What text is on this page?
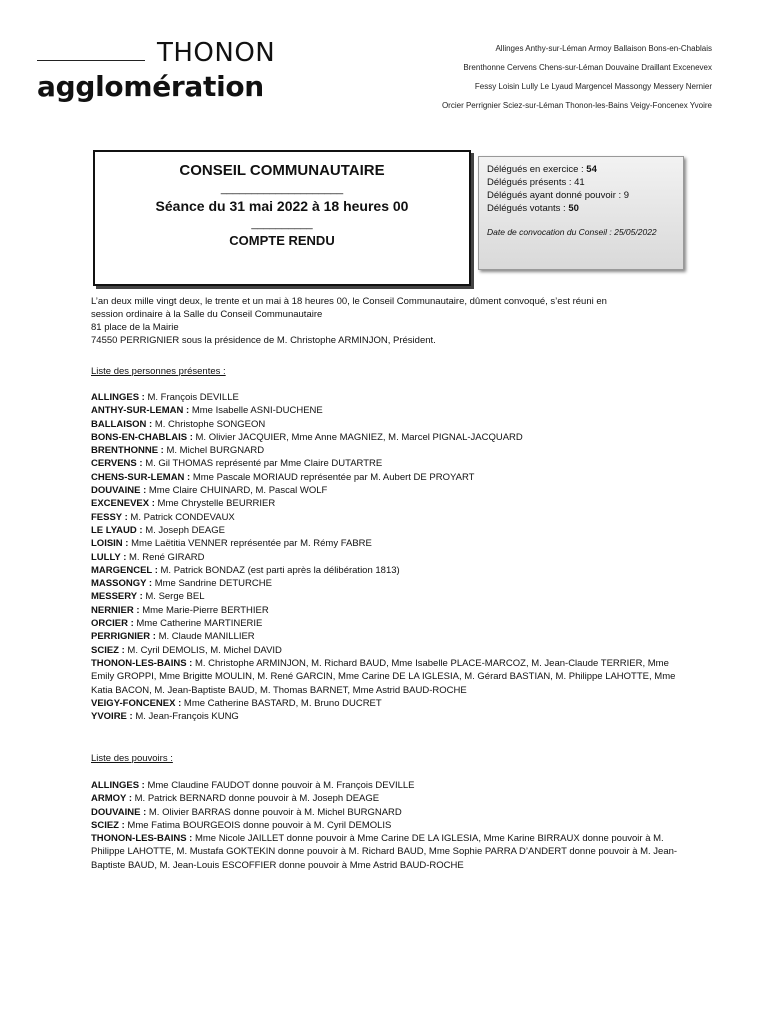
THONON
agglomération
Allinges Anthy-sur-Léman Armoy Ballaison Bons-en-Chablais
Brenthonne Cervens Chens-sur-Léman Douvaine Draillant Excenevex
Fessy Loisin Lully Le Lyaud Margencel Massongy Messery Nernier
Orcier Perrignier Sciez-sur-Léman Thonon-les-Bains Veigy-Foncenex Yvoire
CONSEIL COMMUNAUTAIRE
____________________
Séance du 31 mai 2022 à 18 heures 00
__________
COMPTE RENDU
Délégués en exercice : 54
Délégués présents : 41
Délégués ayant donné pouvoir : 9
Délégués votants : 50
Date de convocation du Conseil : 25/05/2022
L’an deux mille vingt deux, le trente et un mai à 18 heures 00, le Conseil Communautaire, dûment convoqué, s’est réuni en
session ordinaire à la Salle du Conseil Communautaire
81 place de la Mairie
74550 PERRIGNIER sous la présidence de M. Christophe ARMINJON, Président.
Liste des personnes présentes :
ALLINGES : M. François DEVILLE
ANTHY-SUR-LEMAN : Mme Isabelle ASNI-DUCHENE
BALLAISON : M. Christophe SONGEON
BONS-EN-CHABLAIS : M. Olivier JACQUIER, Mme Anne MAGNIEZ, M. Marcel PIGNAL-JACQUARD
BRENTHONNE : M. Michel BURGNARD
CERVENS : M. Gil THOMAS représenté par Mme Claire DUTARTRE
CHENS-SUR-LEMAN : Mme Pascale MORIAUD représentée par M. Aubert DE PROYART
DOUVAINE : Mme Claire CHUINARD, M. Pascal WOLF
EXCENEVEX : Mme Chrystelle BEURRIER
FESSY : M. Patrick CONDEVAUX
LE LYAUD : M. Joseph DEAGE
LOISIN : Mme Laëtitia VENNER représentée par M. Rémy FABRE
LULLY : M. René GIRARD
MARGENCEL : M. Patrick BONDAZ (est parti après la délibération 1813)
MASSONGY : Mme Sandrine DETURCHE
MESSERY : M. Serge BEL
NERNIER : Mme Marie-Pierre BERTHIER
ORCIER : Mme Catherine MARTINERIE
PERRIGNIER : M. Claude MANILLIER
SCIEZ : M. Cyril DEMOLIS, M. Michel DAVID
THONON-LES-BAINS : M. Christophe ARMINJON, M. Richard BAUD, Mme Isabelle PLACE-MARCOZ, M. Jean-Claude TERRIER, Mme Emily GROPPI, Mme Brigitte MOULIN, M. René GARCIN, Mme Carine DE LA IGLESIA, M. Gérard BASTIAN, M. Philippe LAHOTTE, Mme Katia BACON, M. Jean-Baptiste BAUD, M. Thomas BARNET, Mme Astrid BAUD-ROCHE
VEIGY-FONCENEX : Mme Catherine BASTARD, M. Bruno DUCRET
YVOIRE : M. Jean-François KUNG
Liste des pouvoirs :
ALLINGES : Mme Claudine FAUDOT donne pouvoir à M. François DEVILLE
ARMOY : M. Patrick BERNARD donne pouvoir à M. Joseph DEAGE
DOUVAINE : M. Olivier BARRAS donne pouvoir à M. Michel BURGNARD
SCIEZ : Mme Fatima BOURGEOIS donne pouvoir à M. Cyril DEMOLIS
THONON-LES-BAINS : Mme Nicole JAILLET donne pouvoir à Mme Carine DE LA IGLESIA, Mme Karine BIRRAUX donne pouvoir à M. Philippe LAHOTTE, M. Mustafa GOKTEKIN donne pouvoir à M. Richard BAUD, Mme Sophie PARRA D’ANDERT donne pouvoir à M. Jean-Baptiste BAUD, M. Jean-Louis ESCOFFIER donne pouvoir à Mme Astrid BAUD-ROCHE
